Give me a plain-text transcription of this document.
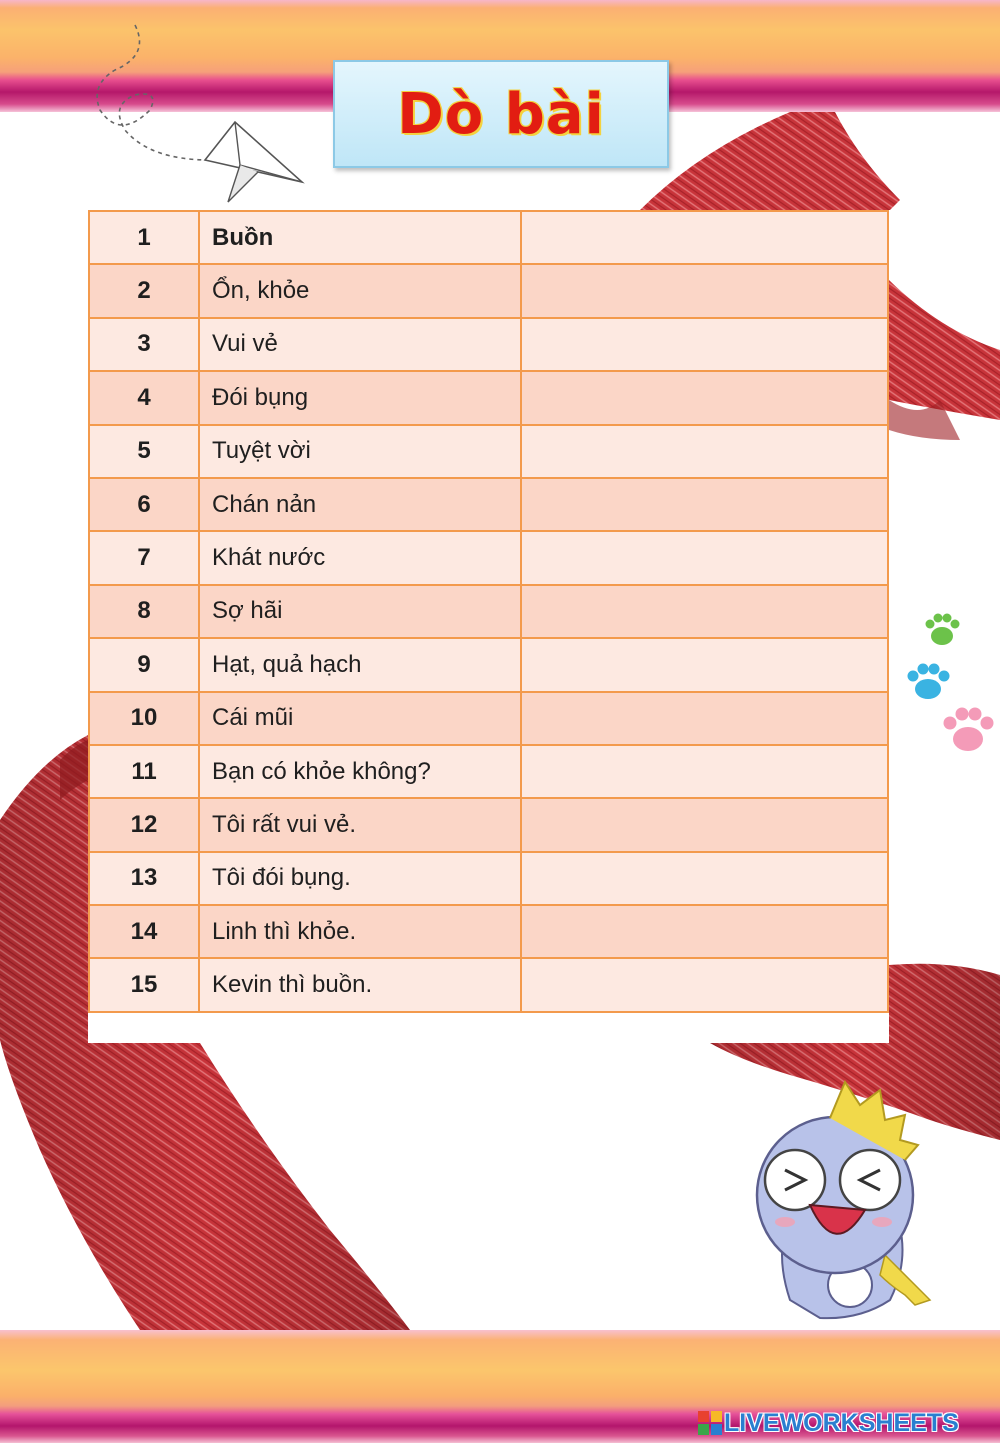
Dò bài
1	Buồn	
2	Ổn, khỏe	
3	Vui vẻ	
4	Đói bụng	
5	Tuyệt vời	
6	Chán nản	
7	Khát nước	
8	Sợ hãi	
9	Hạt, quả hạch	
10	Cái mũi	
11	Bạn có khỏe không?	
12	Tôi rất vui vẻ.	
13	Tôi đói bụng.	
14	Linh thì khỏe.	
15	Kevin thì buồn.	
LIVEWORKSHEETS
